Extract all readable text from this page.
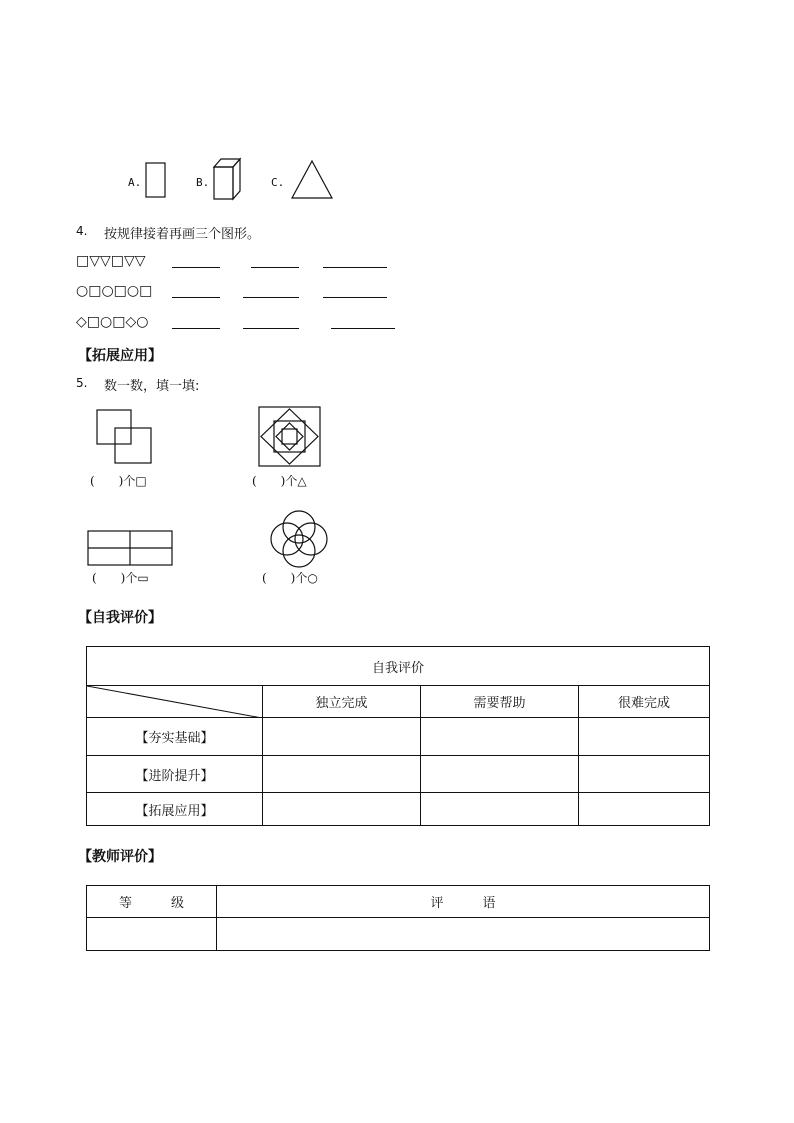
A.	B.	C.
4. 按规律接着再画三个图形。
□▽▽□▽▽
○□○□○□
◇□○□◇○
【拓展应用】
5. 数一数，填一填:
(　　)个□	(　　)个△
(　　)个▭	(　　)个○
【自我评价】
自我评价			

	独立完成	需要帮助	很难完成
【夯实基础】			
【进阶提升】			
【拓展应用】			
【教师评价】
等　　　级	评　　　语
